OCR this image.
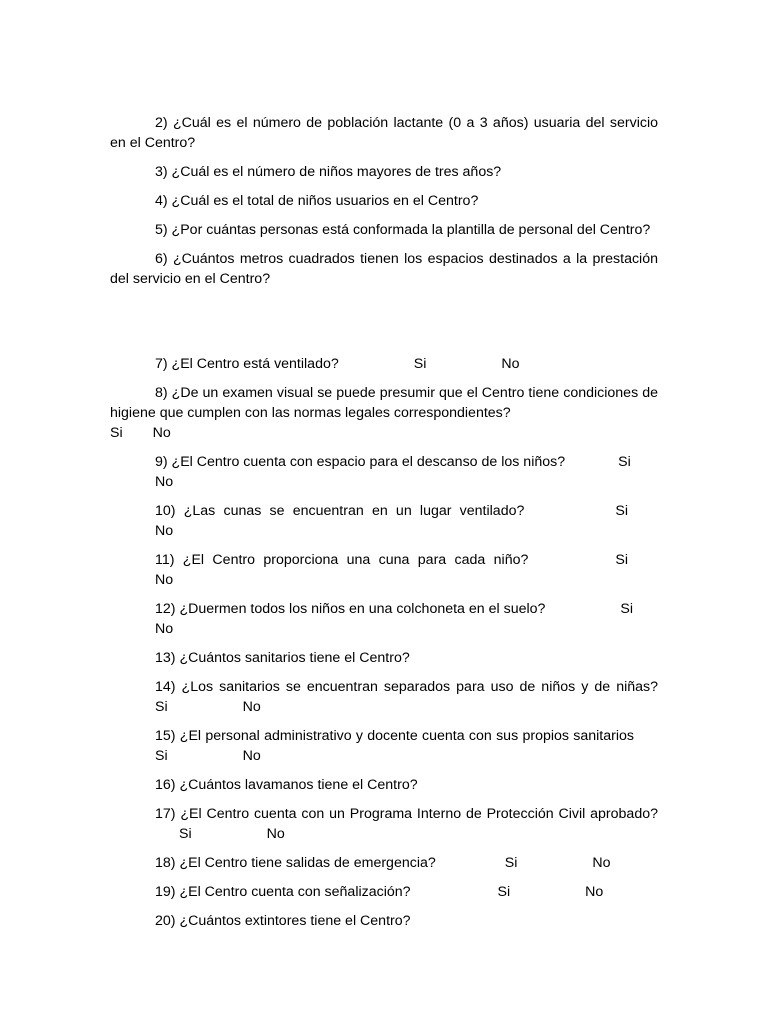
2) ¿Cuál es el número de población lactante (0 a 3 años) usuaria del servicio en el Centro?

3) ¿Cuál es el número de niños mayores de tres años?

4) ¿Cuál es el total de niños usuarios en el Centro?

5) ¿Por cuántas personas está conformada la plantilla de personal del Centro?

6) ¿Cuántos metros cuadrados tienen los espacios destinados a la prestación del servicio en el Centro?

7) ¿El Centro está ventilado?	Si	No

8) ¿De un examen visual se puede presumir que el Centro tiene condiciones de higiene que cumplen con las normas legales correspondientes?
Si No

9) ¿El Centro cuenta con espacio para el descanso de los niños?	Si
No

10) ¿Las cunas se encuentran en un lugar ventilado?	SiNo

11) ¿El Centro proporciona una cuna para cada niño?	SiNo

12) ¿Duermen todos los niños en una colchoneta en el suelo?	Si
No

13) ¿Cuántos sanitarios tiene el Centro?

14) ¿Los sanitarios se encuentran separados para uso de niños y de niñas?Si	No

15) ¿El personal administrativo y docente cuenta con sus propios sanitariosSi	No

16) ¿Cuántos lavamanos tiene el Centro?

17) ¿El Centro cuenta con un Programa Interno de Protección Civil aprobado?Si	No

18) ¿El Centro tiene salidas de emergencia?	Si	No

19) ¿El Centro cuenta con señalización?	Si	No

20) ¿Cuántos extintores tiene el Centro?
